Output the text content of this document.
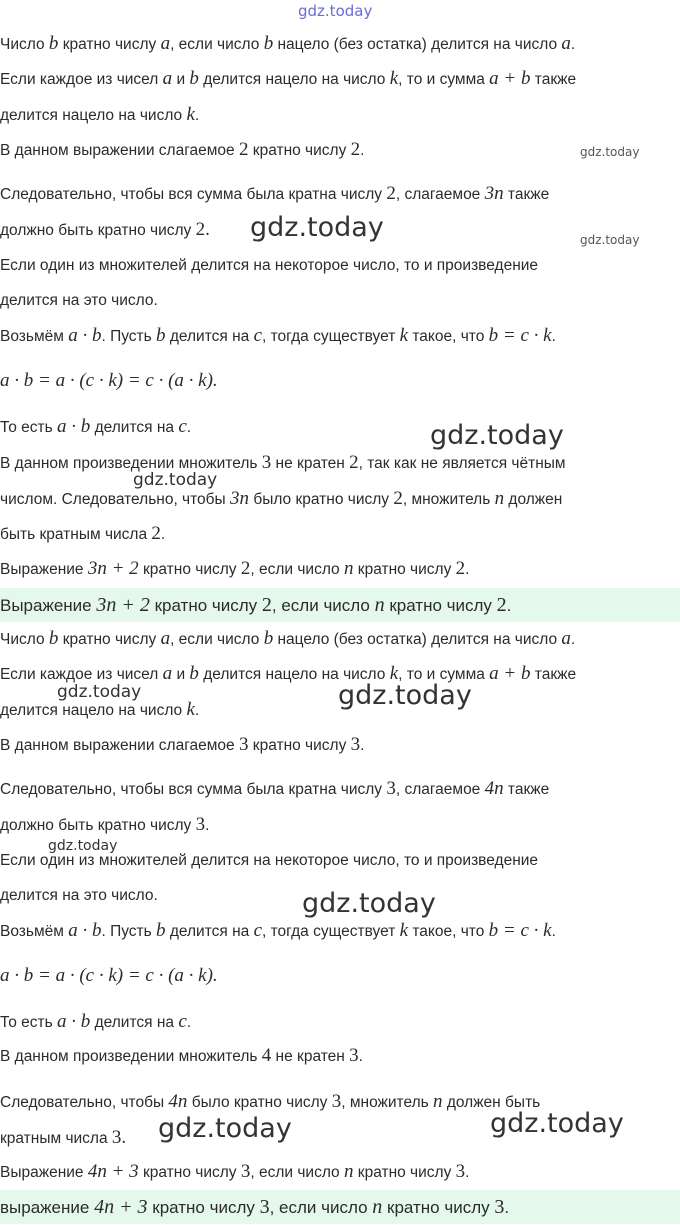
gdz.today
Число b кратно числу a, если число b нацело (без остатка) делится на число a.
Если каждое из чисел a и b делится нацело на число k, то и сумма a + b также
делится нацело на число k.
В данном выражении слагаемое 2 кратно числу 2.	gdz.today
Следовательно, чтобы вся сумма была кратна числу 2, слагаемое 3n также
должно быть кратно числу 2.	gdz.today	gdz.today
Если один из множителей делится на некоторое число, то и произведение
делится на это число.
Возьмём a · b. Пусть b делится на c, тогда существует k такое, что b = c · k.
a · b = a · (c · k) = c · (a · k).
То есть a · b делится на c.
В данном произведении множитель 3 не кратен 2, так как не является чётным
gdz.today
числом. Следовательно, чтобы 3n было кратно числу 2, множитель n должен
gdz.today
быть кратным числа 2.
Выражение 3n + 2 кратно числу 2, если число n кратно числу 2.
Выражение 3n + 2 кратно числу 2, если число n кратно числу 2.
Число b кратно числу a, если число b нацело (без остатка) делится на число a.
Если каждое из чисел a и b делится нацело на число k, то и сумма a + b также
делится нацело на число k.
gdz.today	gdz.today
В данном выражении слагаемое 3 кратно числу 3.
Следовательно, чтобы вся сумма была кратна числу 3, слагаемое 4n также
должно быть кратно числу 3.
gdz.today
Если один из множителей делится на некоторое число, то и произведение
делится на это число.	gdz.today
Возьмём a · b. Пусть b делится на c, тогда существует k такое, что b = c · k.
a · b = a · (c · k) = c · (a · k).
То есть a · b делится на c.
В данном произведении множитель 4 не кратен 3.
Следовательно, чтобы 4n было кратно числу 3, множитель n должен быть
кратным числа 3.	gdz.today	gdz.today
Выражение 4n + 3 кратно числу 3, если число n кратно числу 3.
выражение 4n + 3 кратно числу 3, если число n кратно числу 3.
